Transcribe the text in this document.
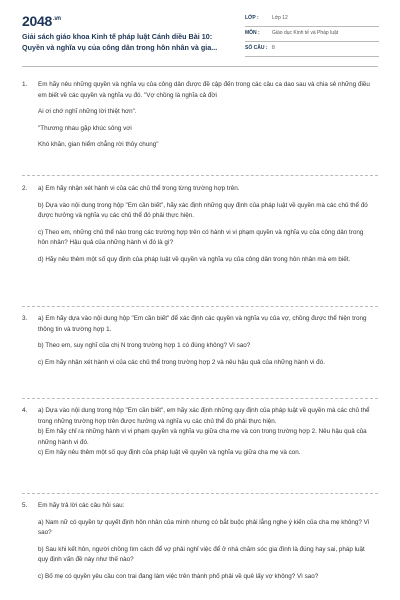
$2048^{.vn}$
Giải sách giáo khoa Kinh tế pháp luật Cánh diều Bài 10:
Quyền và nghĩa vụ của công dân trong hôn nhân và gia...
LỚP :	Lớp 12
MÔN : Giáo dục Kinh tế và Pháp luật
SỐ CÂU : 8
1. Em hãy nêu những quyền và nghĩa vụ của công dân được đề cập đến trong các câu ca dao sau và chia sẻ những điều em biết về các quyền và nghĩa vụ đó. "Vợ chồng là nghĩa cả đời

Ai ơi chớ nghĩ những lời thiệt hơn".

"Thương nhau gặp khúc sông vơi

Khó khăn, gian hiểm chẳng rời thủy chung"

2. a) Em hãy nhận xét hành vi của các chủ thể trong từng trường hợp trên.

b) Dựa vào nội dung trong hộp "Em cần biết", hãy xác định những quy định của pháp luật về quyền mà các chủ thể đó được hưởng và nghĩa vụ các chủ thể đó phải thực hiện.

c) Theo em, những chủ thể nào trong các trường hợp trên có hành vi vi phạm quyền và nghĩa vụ của công dân trong hôn nhân? Hậu quả của những hành vi đó là gì?

d) Hãy nêu thêm một số quy định của pháp luật về quyền và nghĩa vụ của công dân trong hôn nhân mà em biết.

3. a) Em hãy dựa vào nội dung hộp "Em cần biết" để xác định các quyền và nghĩa vụ của vợ, chồng được thể hiện trong thông tin và trường hợp 1.

b) Theo em, suy nghĩ của chị N trong trường hợp 1 có đúng không? Vì sao?

c) Em hãy nhận xét hành vi của các chủ thể trong trường hợp 2 và nêu hậu quả của những hành vi đó.

4. a) Dựa vào nội dung trong hộp "Em cần biết", em hãy xác định những quy định của pháp luật về quyền mà các chủ thể trong những trường hợp trên được hưởng và nghĩa vụ các chủ thể đó phải thực hiện.

b) Em hãy chỉ ra những hành vi vi phạm quyền và nghĩa vụ giữa cha mẹ và con trong trường hợp 2. Nêu hậu quả của những hành vi đó.

c) Em hãy nêu thêm một số quy định của pháp luật về quyền và nghĩa vụ giữa cha mẹ và con.

5. Em hãy trả lời các câu hỏi sau:

a) Nam nữ có quyền tự quyết định hôn nhân của mình nhưng có bắt buộc phải lắng nghe ý kiến của cha mẹ không? Vì sao?

b) Sau khi kết hôn, người chồng tìm cách để vợ phải nghỉ việc để ở nhà chăm sóc gia đình là đúng hay sai, pháp luật quy định vấn đề này như thế nào?

c) Bố mẹ có quyền yêu cầu con trai đang làm việc trên thành phố phải về quê lấy vợ không? Vì sao?
